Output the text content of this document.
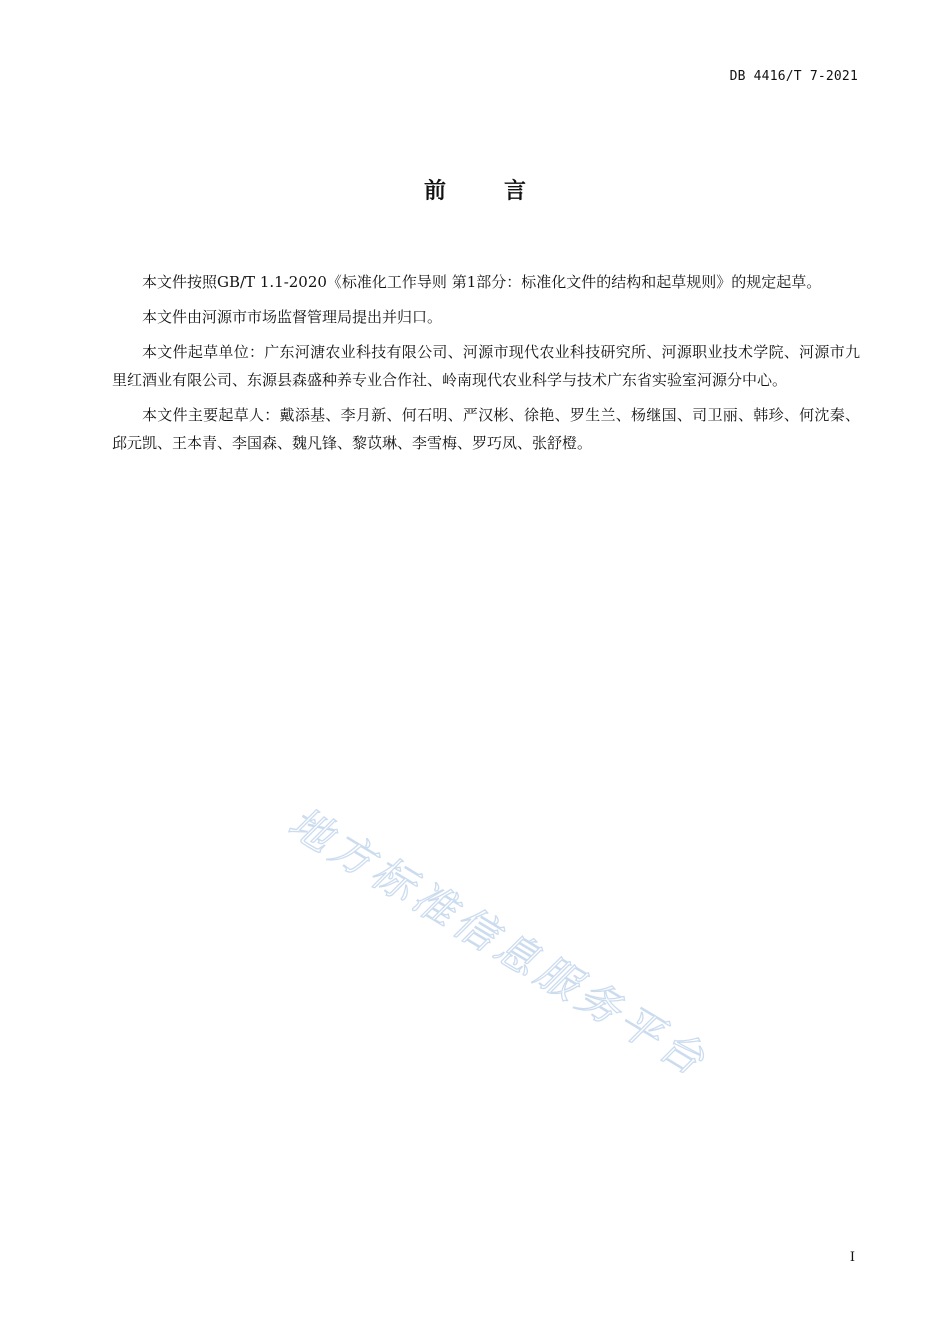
DB 4416/T 7-2021
前言

本文件按照GB/T 1.1-2020《标准化工作导则 第1部分：标准化文件的结构和起草规则》的规定起草。

本文件由河源市市场监督管理局提出并归口。

本文件起草单位：广东河溏农业科技有限公司、河源市现代农业科技研究所、河源职业技术学院、河源市九里红酒业有限公司、东源县森盛种养专业合作社、岭南现代农业科学与技术广东省实验室河源分中心。

本文件主要起草人：戴添基、李月新、何石明、严汉彬、徐艳、罗生兰、杨继国、司卫丽、韩珍、何沈秦、邱元凯、王本青、李国森、魏凡锋、黎苡琳、李雪梅、罗巧凤、张舒橙。

地方标准信息服务平台
I
